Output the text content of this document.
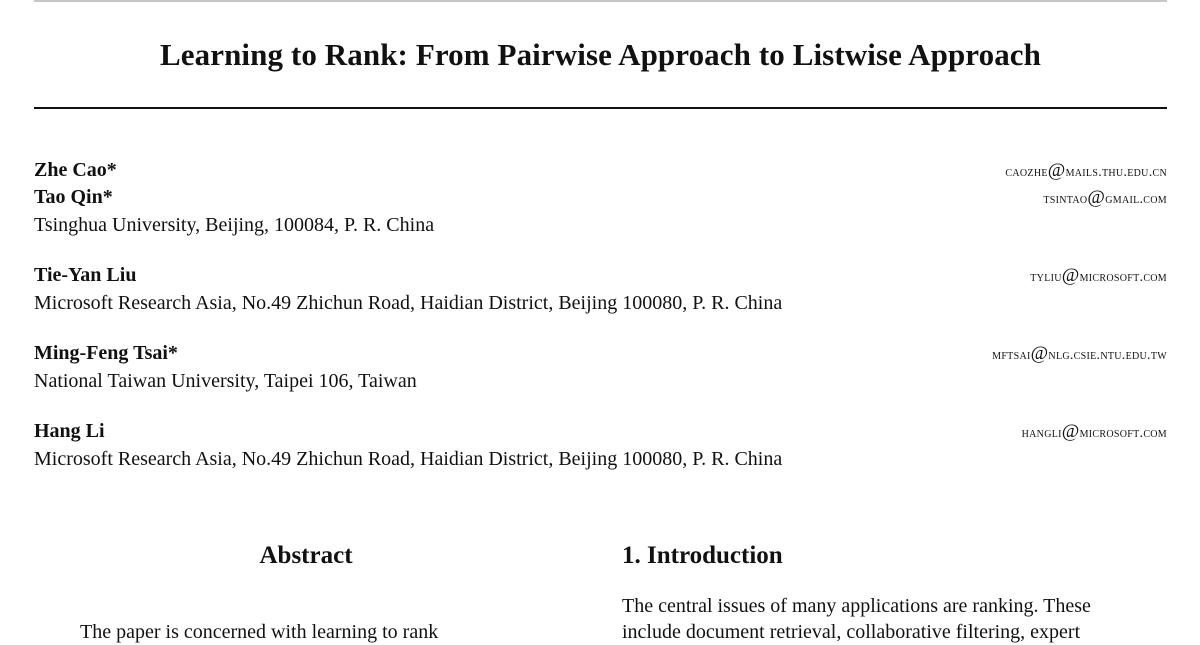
Learning to Rank: From Pairwise Approach to Listwise Approach
Zhe Cao*	caozhe@mails.thu.edu.cn
Tao Qin*	tsintao@gmail.com
Tsinghua University, Beijing, 100084, P. R. China
Tie-Yan Liu	tyliu@microsoft.com
Microsoft Research Asia, No.49 Zhichun Road, Haidian District, Beijing 100080, P. R. China
Ming-Feng Tsai*	mftsai@nlg.csie.ntu.edu.tw
National Taiwan University, Taipei 106, Taiwan
Hang Li	hangli@microsoft.com
Microsoft Research Asia, No.49 Zhichun Road, Haidian District, Beijing 100080, P. R. China
Abstract	1. Introduction
The central issues of many applications are ranking. These
include document retrieval, collaborative filtering, expert
The paper is concerned with learning to rank
